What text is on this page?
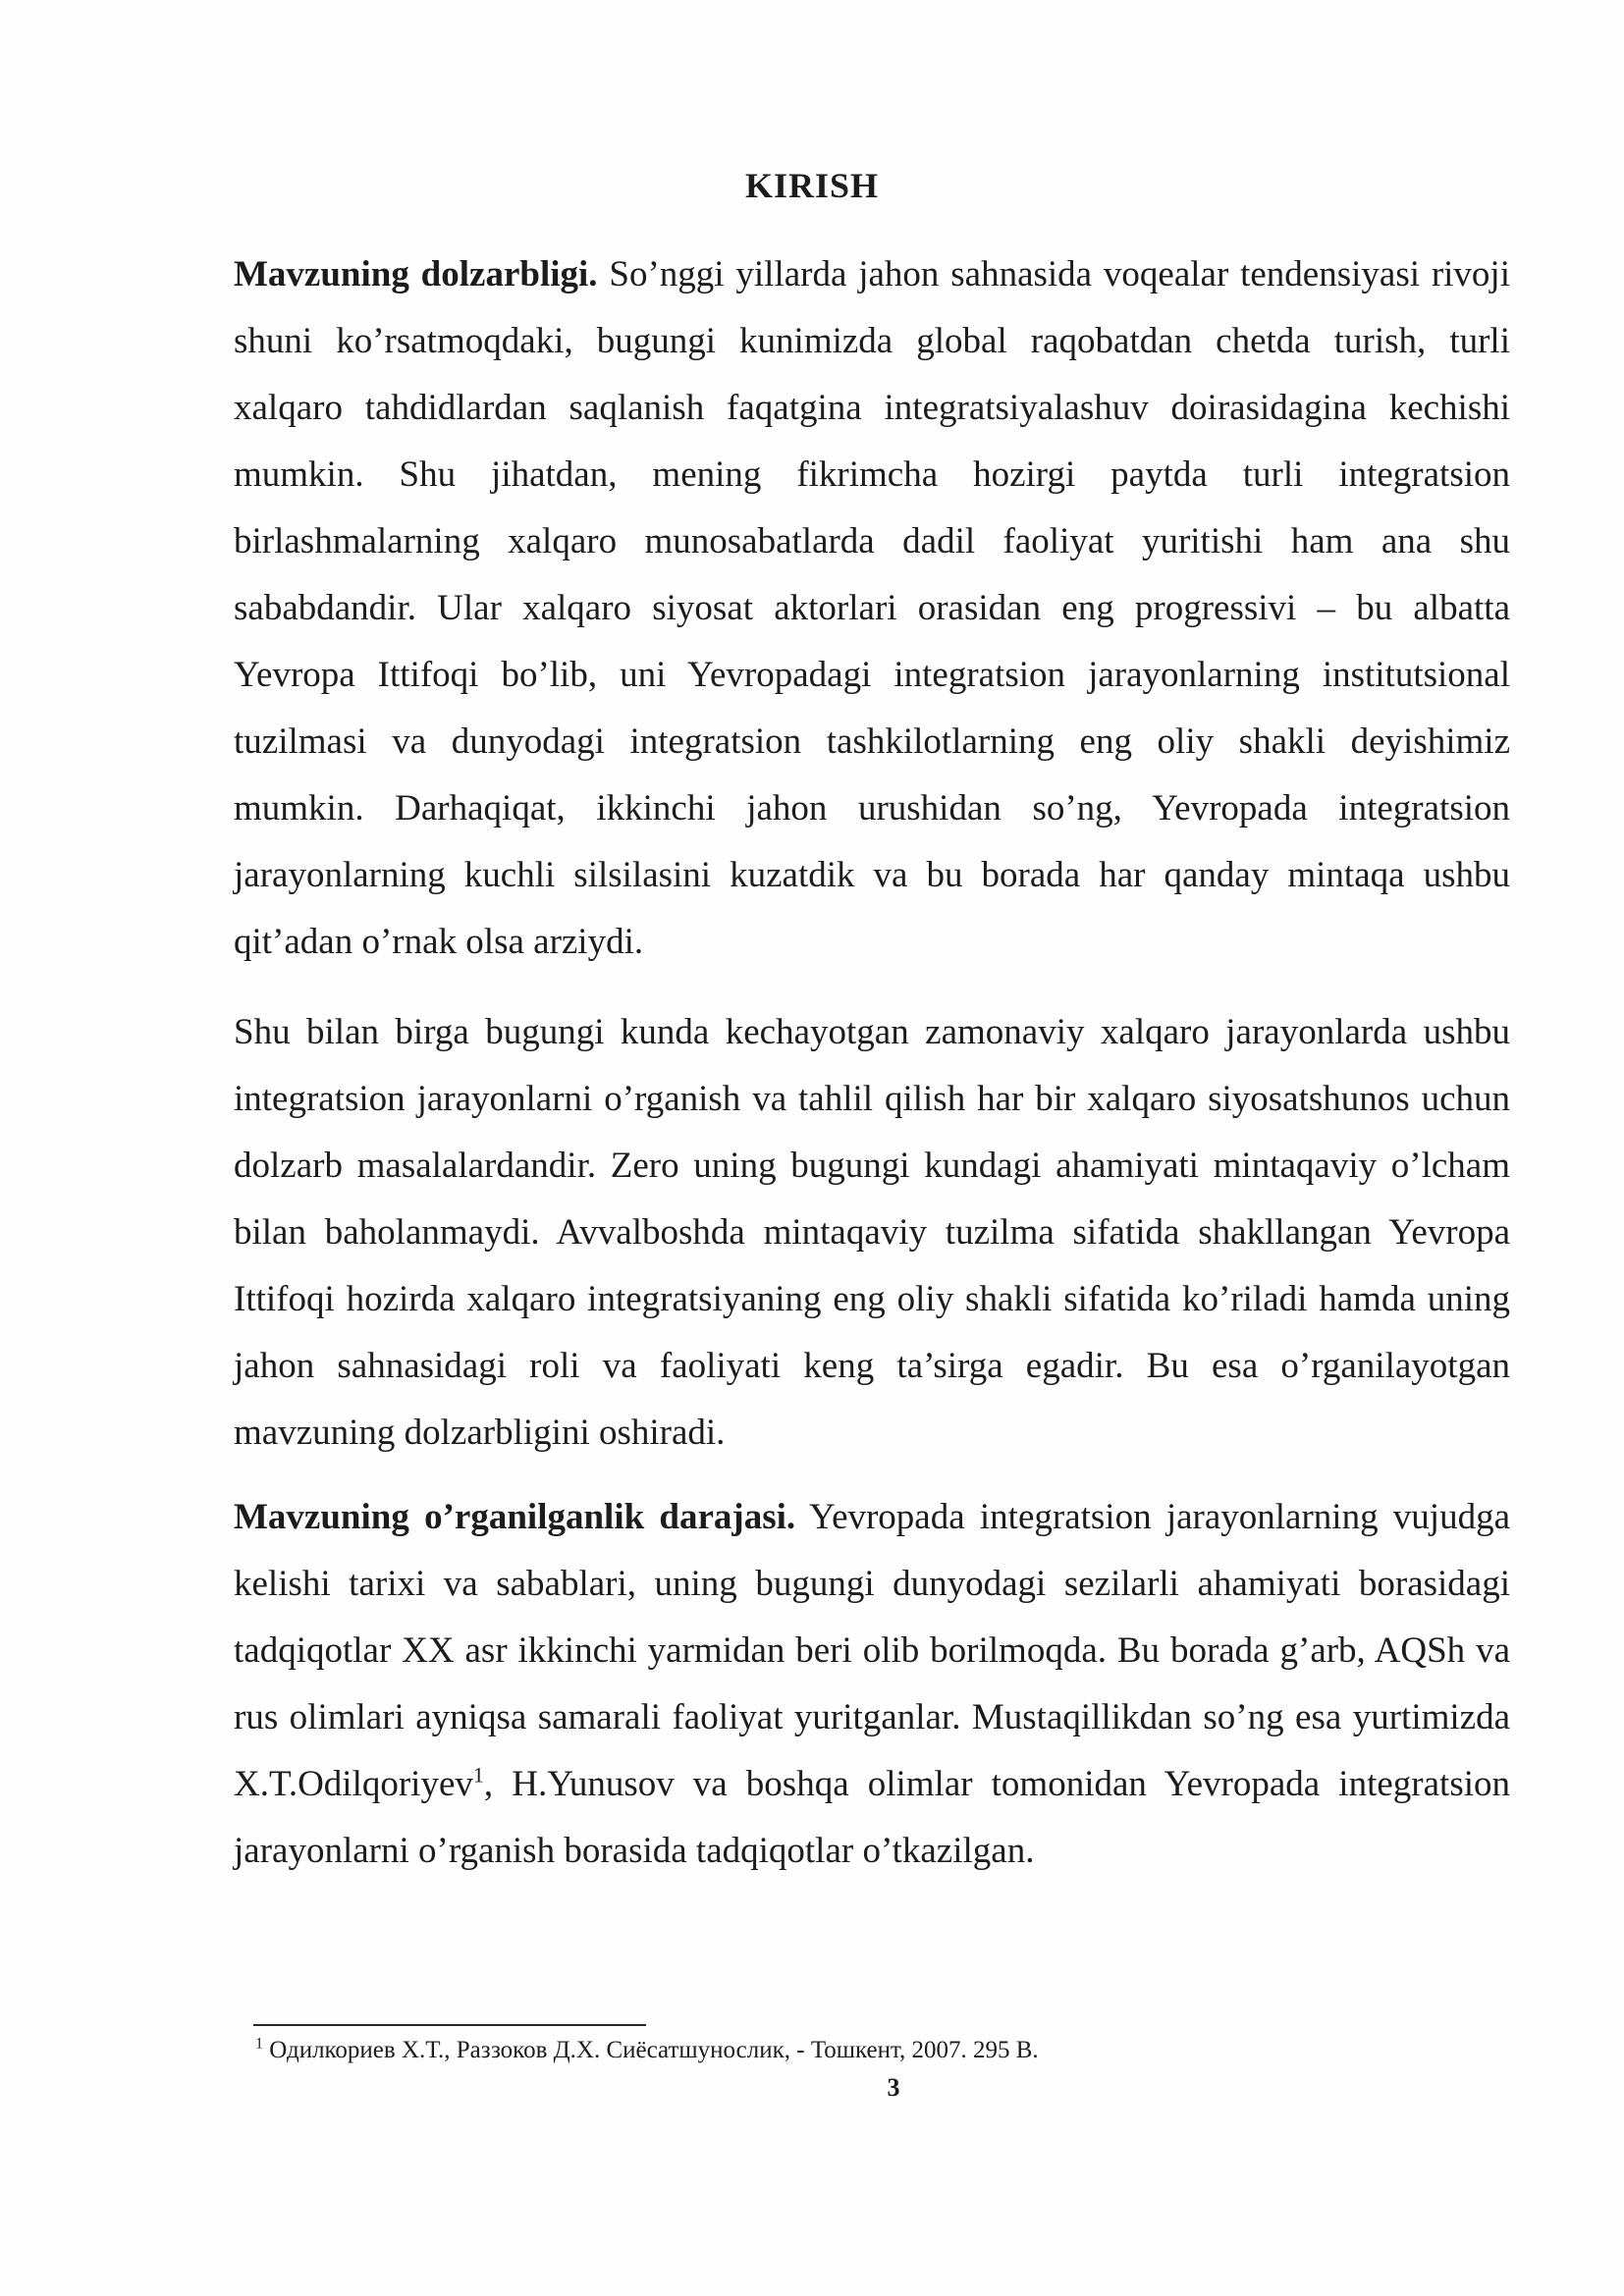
KIRISH

Mavzuning dolzarbligi. So’nggi yillarda jahon sahnasida voqealar tendensiyasi rivoji shuni ko’rsatmoqdaki, bugungi kunimizda global raqobatdan chetda turish, turli xalqaro tahdidlardan saqlanish faqatgina integratsiyalashuv doirasidagina kechishi mumkin. Shu jihatdan, mening fikrimcha hozirgi paytda turli integratsion birlashmalarning xalqaro munosabatlarda dadil faoliyat yuritishi ham ana shu sababdandir. Ular xalqaro siyosat aktorlari orasidan eng progressivi – bu albatta Yevropa Ittifoqi bo’lib, uni Yevropadagi integratsion jarayonlarning institutsional tuzilmasi va dunyodagi integratsion tashkilotlarning eng oliy shakli deyishimiz mumkin. Darhaqiqat, ikkinchi jahon urushidan so’ng, Yevropada integratsion jarayonlarning kuchli silsilasini kuzatdik va bu borada har qanday mintaqa ushbu qit’adan o’rnak olsa arziydi.

Shu bilan birga bugungi kunda kechayotgan zamonaviy xalqaro jarayonlarda ushbu integratsion jarayonlarni o’rganish va tahlil qilish har bir xalqaro siyosatshunos uchun dolzarb masalalardandir. Zero uning bugungi kundagi ahamiyati mintaqaviy o’lcham bilan baholanmaydi. Avvalboshda mintaqaviy tuzilma sifatida shakllangan Yevropa Ittifoqi hozirda xalqaro integratsiyaning eng oliy shakli sifatida ko’riladi hamda uning jahon sahnasidagi roli va faoliyati keng ta’sirga egadir. Bu esa o’rganilayotgan mavzuning dolzarbligini oshiradi.

Mavzuning o’rganilganlik darajasi. Yevropada integratsion jarayonlarning vujudga kelishi tarixi va sabablari, uning bugungi dunyodagi sezilarli ahamiyati borasidagi tadqiqotlar XX asr ikkinchi yarmidan beri olib borilmoqda. Bu borada g’arb, AQSh va rus olimlari ayniqsa samarali faoliyat yuritganlar. Mustaqillikdan so’ng esa yurtimizda X.T.Odilqoriyev$^1$, H.Yunusov va boshqa olimlar tomonidan Yevropada integratsion jarayonlarni o’rganish borasida tadqiqotlar o’tkazilgan.

$^1$ Одилкориев Х.Т., Раззоков Д.Х. Сиёсатшунослик, - Тошкент, 2007. 295 В.
3
